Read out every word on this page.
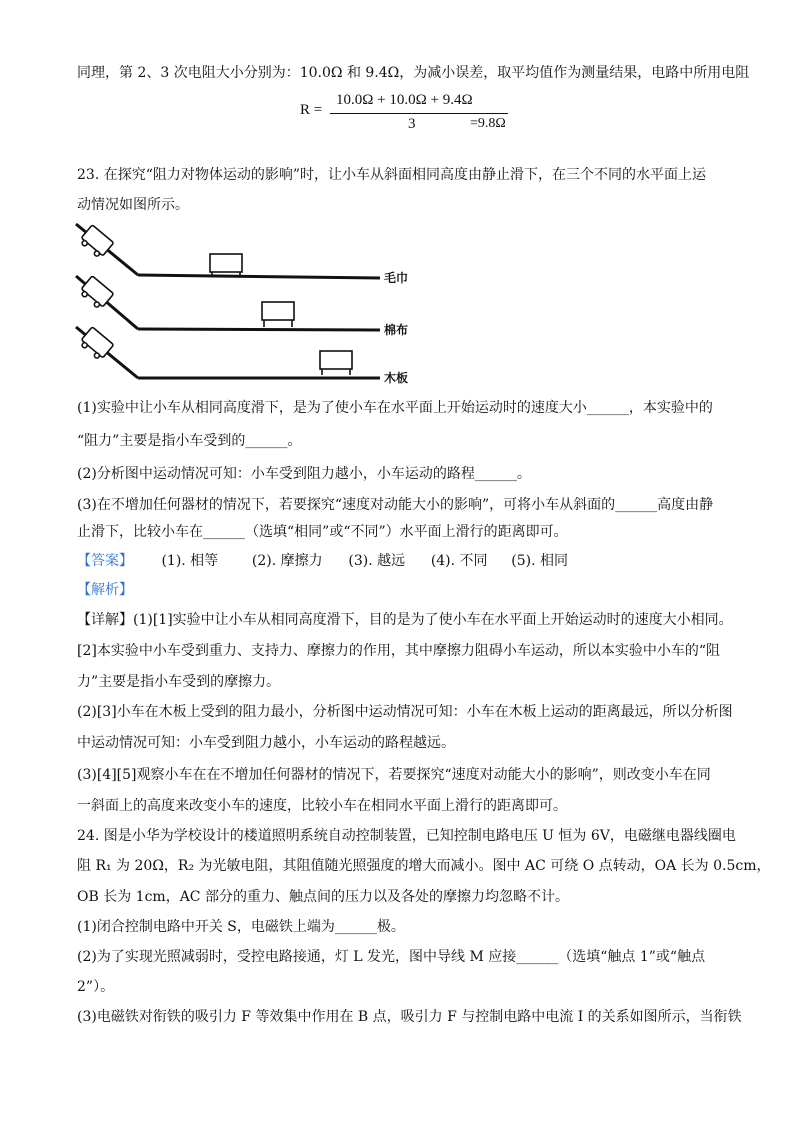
同理，第 2、3 次电阻大小分别为：10.0Ω 和 9.4Ω，为减小误差，取平均值作为测量结果，电路中所用电阻
R =
10.0Ω + 10.0Ω + 9.4Ω
3	=9.8Ω
23. 在探究“阻力对物体运动的影响”时，让小车从斜面相同高度由静止滑下，在三个不同的水平面上运
动情况如图所示。
毛巾
棉布
木板
(1)实验中让小车从相同高度滑下，是为了使小车在水平面上开始运动时的速度大小______，本实验中的
“阻力”主要是指小车受到的______。
(2)分析图中运动情况可知：小车受到阻力越小，小车运动的路程______。
(3)在不增加任何器材的情况下，若要探究“速度对动能大小的影响”，可将小车从斜面的______高度由静
止滑下，比较小车在______（选填“相同”或“不同”）水平面上滑行的距离即可。
【答案】 (1). 相等 (2). 摩擦力 (3). 越远 (4). 不同 (5). 相同
【解析】
【详解】(1)[1]实验中让小车从相同高度滑下，目的是为了使小车在水平面上开始运动时的速度大小相同。
[2]本实验中小车受到重力、支持力、摩擦力的作用，其中摩擦力阻碍小车运动，所以本实验中小车的“阻
力”主要是指小车受到的摩擦力。
(2)[3]小车在木板上受到的阻力最小，分析图中运动情况可知：小车在木板上运动的距离最远，所以分析图
中运动情况可知：小车受到阻力越小，小车运动的路程越远。
(3)[4][5]观察小车在在不增加任何器材的情况下，若要探究“速度对动能大小的影响”，则改变小车在同
一斜面上的高度来改变小车的速度，比较小车在相同水平面上滑行的距离即可。
24. 图是小华为学校设计的楼道照明系统自动控制装置，已知控制电路电压 U 恒为 6V，电磁继电器线圈电
阻 R₁ 为 20Ω，R₂ 为光敏电阻，其阻值随光照强度的增大而减小。图中 AC 可绕 O 点转动，OA 长为 0.5cm，
OB 长为 1cm，AC 部分的重力、触点间的压力以及各处的摩擦力均忽略不计。
(1)闭合控制电路中开关 S，电磁铁上端为______极。
(2)为了实现光照减弱时，受控电路接通，灯 L 发光，图中导线 M 应接______（选填“触点 1”或“触点
2”）。
(3)电磁铁对衔铁的吸引力 F 等效集中作用在 B 点，吸引力 F 与控制电路中电流 I 的关系如图所示，当衔铁
